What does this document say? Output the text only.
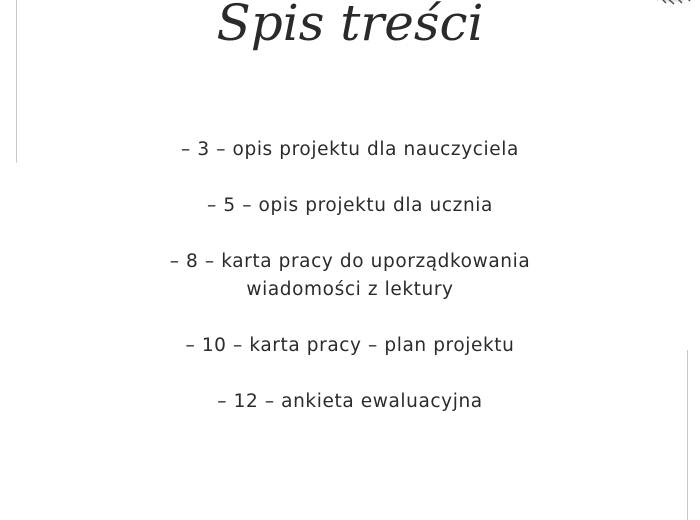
Spis treści
– 3 – opis projektu dla nauczyciela
– 5 – opis projektu dla ucznia
– 8 – karta pracy do uporządkowania
wiadomości z lektury
– 10 – karta pracy – plan projektu
– 12 – ankieta ewaluacyjna
